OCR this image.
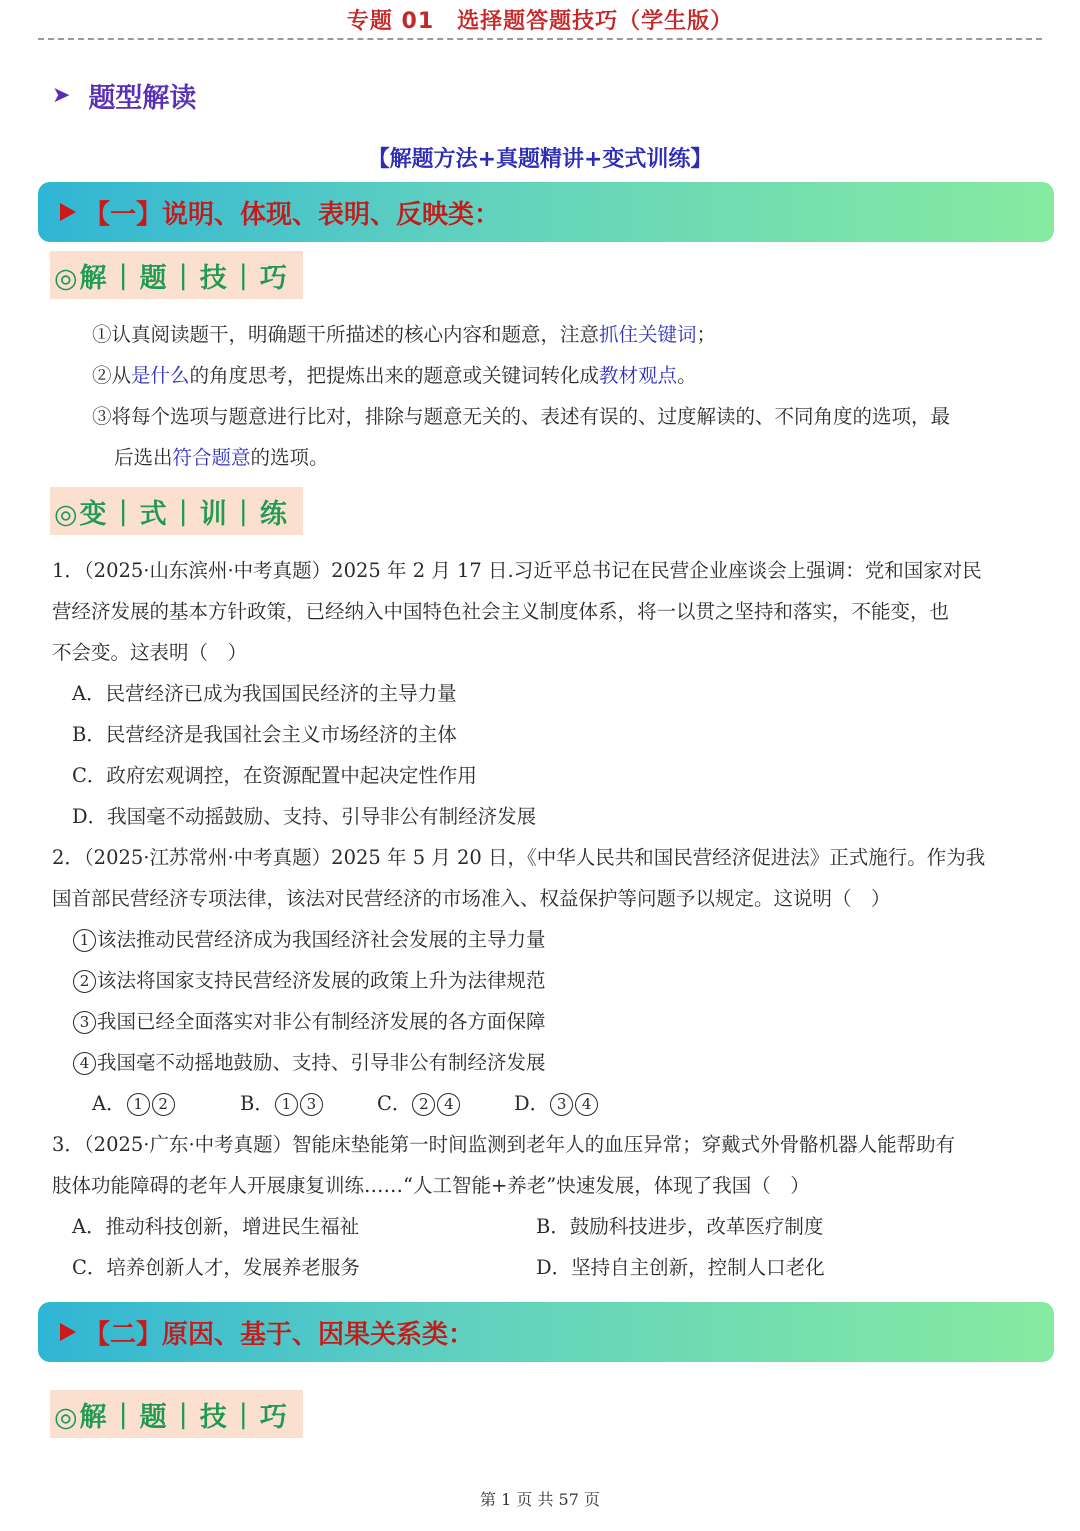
专题 01　选择题答题技巧（学生版）
➤ 题型解读
【解题方法+真题精讲+变式训练】
【一】说明、体现、表明、反映类：
◎解 | 题 | 技 | 巧
①认真阅读题干，明确题干所描述的核心内容和题意，注意抓住关键词；
②从是什么的角度思考，把提炼出来的题意或关键词转化成教材观点。
③将每个选项与题意进行比对，排除与题意无关的、表述有误的、过度解读的、不同角度的选项，最
后选出符合题意的选项。
◎变 | 式 | 训 | 练
1．（2025·山东滨州·中考真题）2025 年 2 月 17 日.习近平总书记在民营企业座谈会上强调：党和国家对民
营经济发展的基本方针政策，已经纳入中国特色社会主义制度体系，将一以贯之坚持和落实，不能变，也
不会变。这表明（　）
A．民营经济已成为我国国民经济的主导力量
B．民营经济是我国社会主义市场经济的主体
C．政府宏观调控，在资源配置中起决定性作用
D．我国毫不动摇鼓励、支持、引导非公有制经济发展
2．（2025·江苏常州·中考真题）2025 年 5 月 20 日，《中华人民共和国民营经济促进法》正式施行。作为我
国首部民营经济专项法律，该法对民营经济的市场准入、权益保护等问题予以规定。这说明（　）
1 该法推动民营经济成为我国经济社会发展的主导力量
2 该法将国家支持民营经济发展的政策上升为法律规范
3 我国已经全面落实对非公有制经济发展的各方面保障
4 我国毫不动摇地鼓励、支持、引导非公有制经济发展
A． 1 2	B． 1 3	C． 2 4	D． 3 4
3．（2025·广东·中考真题）智能床垫能第一时间监测到老年人的血压异常；穿戴式外骨骼机器人能帮助有
肢体功能障碍的老年人开展康复训练……“人工智能+养老”快速发展，体现了我国（　）
A．推动科技创新，增进民生福祉	B．鼓励科技进步，改革医疗制度
C．培养创新人才，发展养老服务	D．坚持自主创新，控制人口老化
【二】原因、基于、因果关系类：
◎解 | 题 | 技 | 巧
第 1 页 共 57 页
